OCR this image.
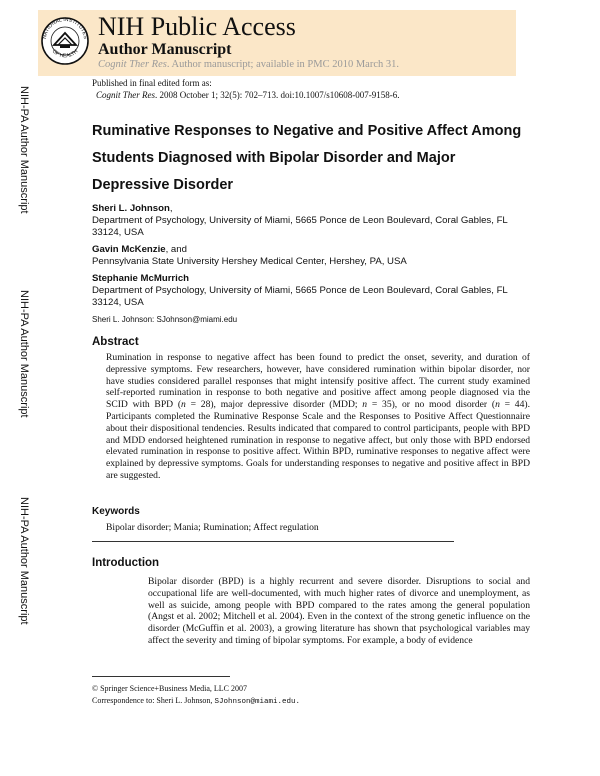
NATIONAL INSTITUTES
OF HEALTH
NIH Public Access
Author Manuscript
Cognit Ther Res. Author manuscript; available in PMC 2010 March 31.
Published in final edited form as:
Cognit Ther Res. 2008 October 1; 32(5): 702–713. doi:10.1007/s10608-007-9158-6.
NIH-PA Author Manuscript
NIH-PA Author Manuscript
NIH-PA Author Manuscript
Ruminative Responses to Negative and Positive Affect Among Students Diagnosed with Bipolar Disorder and Major Depressive Disorder
Sheri L. Johnson,
Department of Psychology, University of Miami, 5665 Ponce de Leon Boulevard, Coral Gables, FL 33124, USA
Gavin McKenzie, and
Pennsylvania State University Hershey Medical Center, Hershey, PA, USA
Stephanie McMurrich
Department of Psychology, University of Miami, 5665 Ponce de Leon Boulevard, Coral Gables, FL 33124, USA
Sheri L. Johnson: SJohnson@miami.edu
Abstract

Rumination in response to negative affect has been found to predict the onset, severity, and duration of depressive symptoms. Few researchers, however, have considered rumination within bipolar disorder, nor have studies considered parallel responses that might intensify positive affect. The current study examined self-reported rumination in response to both negative and positive affect among people diagnosed via the SCID with BPD (n = 28), major depressive disorder (MDD; n = 35), or no mood disorder (n = 44). Participants completed the Ruminative Response Scale and the Responses to Positive Affect Questionnaire about their dispositional tendencies. Results indicated that compared to control participants, people with BPD and MDD endorsed heightened rumination in response to negative affect, but only those with BPD endorsed elevated rumination in response to positive affect. Within BPD, ruminative responses to negative affect were explained by depressive symptoms. Goals for understanding responses to negative and positive affect in BPD are suggested.

Keywords

Bipolar disorder; Mania; Rumination; Affect regulation

Introduction

Bipolar disorder (BPD) is a highly recurrent and severe disorder. Disruptions to social and occupational life are well-documented, with much higher rates of divorce and unemployment, as well as suicide, among people with BPD compared to the rates among the general population (Angst et al. 2002; Mitchell et al. 2004). Even in the context of the strong genetic influence on the disorder (McGuffin et al. 2003), a growing literature has shown that psychological variables may affect the severity and timing of bipolar symptoms. For example, a body of evidence

© Springer Science+Business Media, LLC 2007
Correspondence to: Sheri L. Johnson, SJohnson@miami.edu.
